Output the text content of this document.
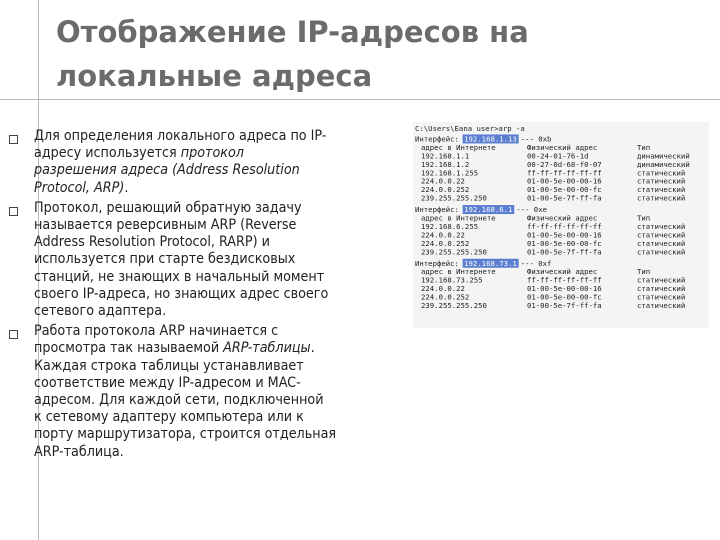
Отображение IP-адресов на
локальные адреса
Для определения локального адреса по IP-
адресу используется протокол
разрешения адреса (Address Resolution
Protocol, ARP).
Протокол, решающий обратную задачу
называется реверсивным ARP (Reverse
Address Resolution Protocol, RARP) и
используется при старте бездисковых
станций, не знающих в начальный момент
своего IP-адреса, но знающих адрес своего
сетевого адаптера.
Работа протокола ARP начинается с
просмотра так называемой ARP-таблицы.
Каждая строка таблицы устанавливает
соответствие между IP-адресом и MAC-
адресом. Для каждой сети, подключенной
к сетевому адаптеру компьютера или к
порту маршрутизатора, строится отдельная
ARP-таблица.
C:\Users\Eana user>arp -a
Интерфейс: 192.168.1.13 --- 0xb
адрес в Интернете	Физический адрес	Тип
192.168.1.1	00-24-01-76-1d	динамический
192.168.1.2	00-27-0d-68-f0-07	динамический
192.168.1.255	ff-ff-ff-ff-ff-ff	статический
224.0.0.22	01-00-5e-00-00-16	статический
224.0.0.252	01-00-5e-00-00-fc	статический
239.255.255.250	01-00-5e-7f-ff-fa	статический
Интерфейс: 192.168.6.1 --- 0xe
адрес в Интернете	Физический адрес	Тип
192.168.6.255	ff-ff-ff-ff-ff-ff	статический
224.0.0.22	01-00-5e-00-00-16	статический
224.0.0.252	01-00-5e-00-00-fc	статический
239.255.255.250	01-00-5e-7f-ff-fa	статический
Интерфейс: 192.168.73.1 --- 0xf
адрес в Интернете	Физический адрес	Тип
192.168.73.255	ff-ff-ff-ff-ff-ff	статический
224.0.0.22	01-00-5e-00-00-16	статический
224.0.0.252	01-00-5e-00-00-fc	статический
239.255.255.250	01-00-5e-7f-ff-fa	статический
